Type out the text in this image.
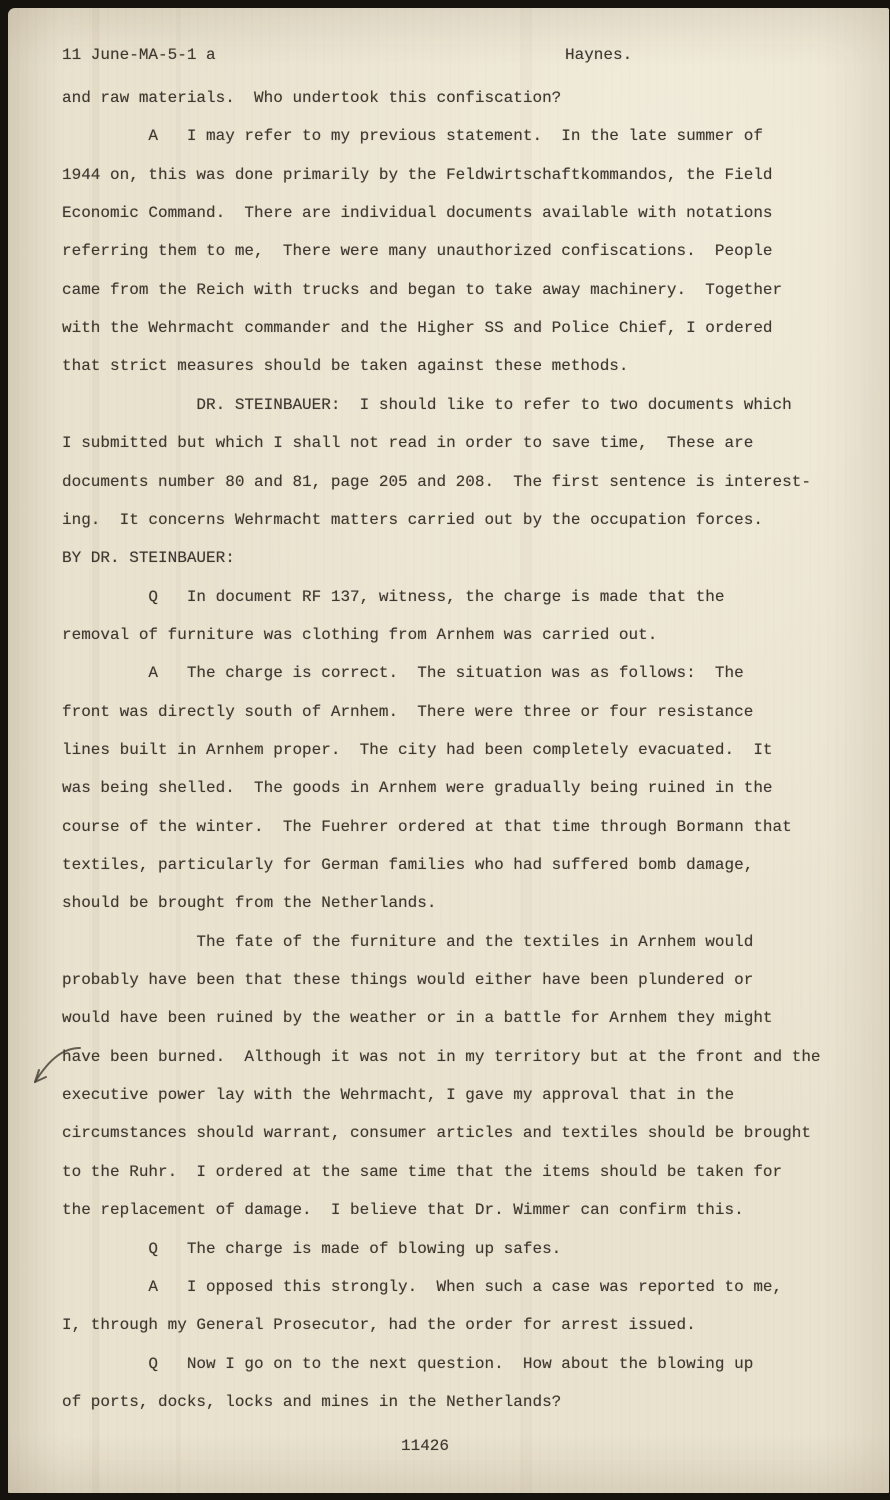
11 June-MA-5-1 a	Haynes.
and raw materials.  Who undertook this confiscation?
A   I may refer to my previous statement.  In the late summer of
1944 on, this was done primarily by the Feldwirtschaftkommandos, the Field
Economic Command.  There are individual documents available with notations
referring them to me,  There were many unauthorized confiscations.  People
came from the Reich with trucks and began to take away machinery.  Together
with the Wehrmacht commander and the Higher SS and Police Chief, I ordered
that strict measures should be taken against these methods.
DR. STEINBAUER:  I should like to refer to two documents which
I submitted but which I shall not read in order to save time,  These are
documents number 80 and 81, page 205 and 208.  The first sentence is interest-
ing.  It concerns Wehrmacht matters carried out by the occupation forces.
BY DR. STEINBAUER:
Q   In document RF 137, witness, the charge is made that the
removal of furniture was clothing from Arnhem was carried out.
A   The charge is correct.  The situation was as follows:  The
front was directly south of Arnhem.  There were three or four resistance
lines built in Arnhem proper.  The city had been completely evacuated.  It
was being shelled.  The goods in Arnhem were gradually being ruined in the
course of the winter.  The Fuehrer ordered at that time through Bormann that
textiles, particularly for German families who had suffered bomb damage,
should be brought from the Netherlands.
The fate of the furniture and the textiles in Arnhem would
probably have been that these things would either have been plundered or
would have been ruined by the weather or in a battle for Arnhem they might
have been burned.  Although it was not in my territory but at the front and the
executive power lay with the Wehrmacht, I gave my approval that in the
circumstances should warrant, consumer articles and textiles should be brought
to the Ruhr.  I ordered at the same time that the items should be taken for
the replacement of damage.  I believe that Dr. Wimmer can confirm this.
Q   The charge is made of blowing up safes.
A   I opposed this strongly.  When such a case was reported to me,
I, through my General Prosecutor, had the order for arrest issued.
Q   Now I go on to the next question.  How about the blowing up
of ports, docks, locks and mines in the Netherlands?
11426
